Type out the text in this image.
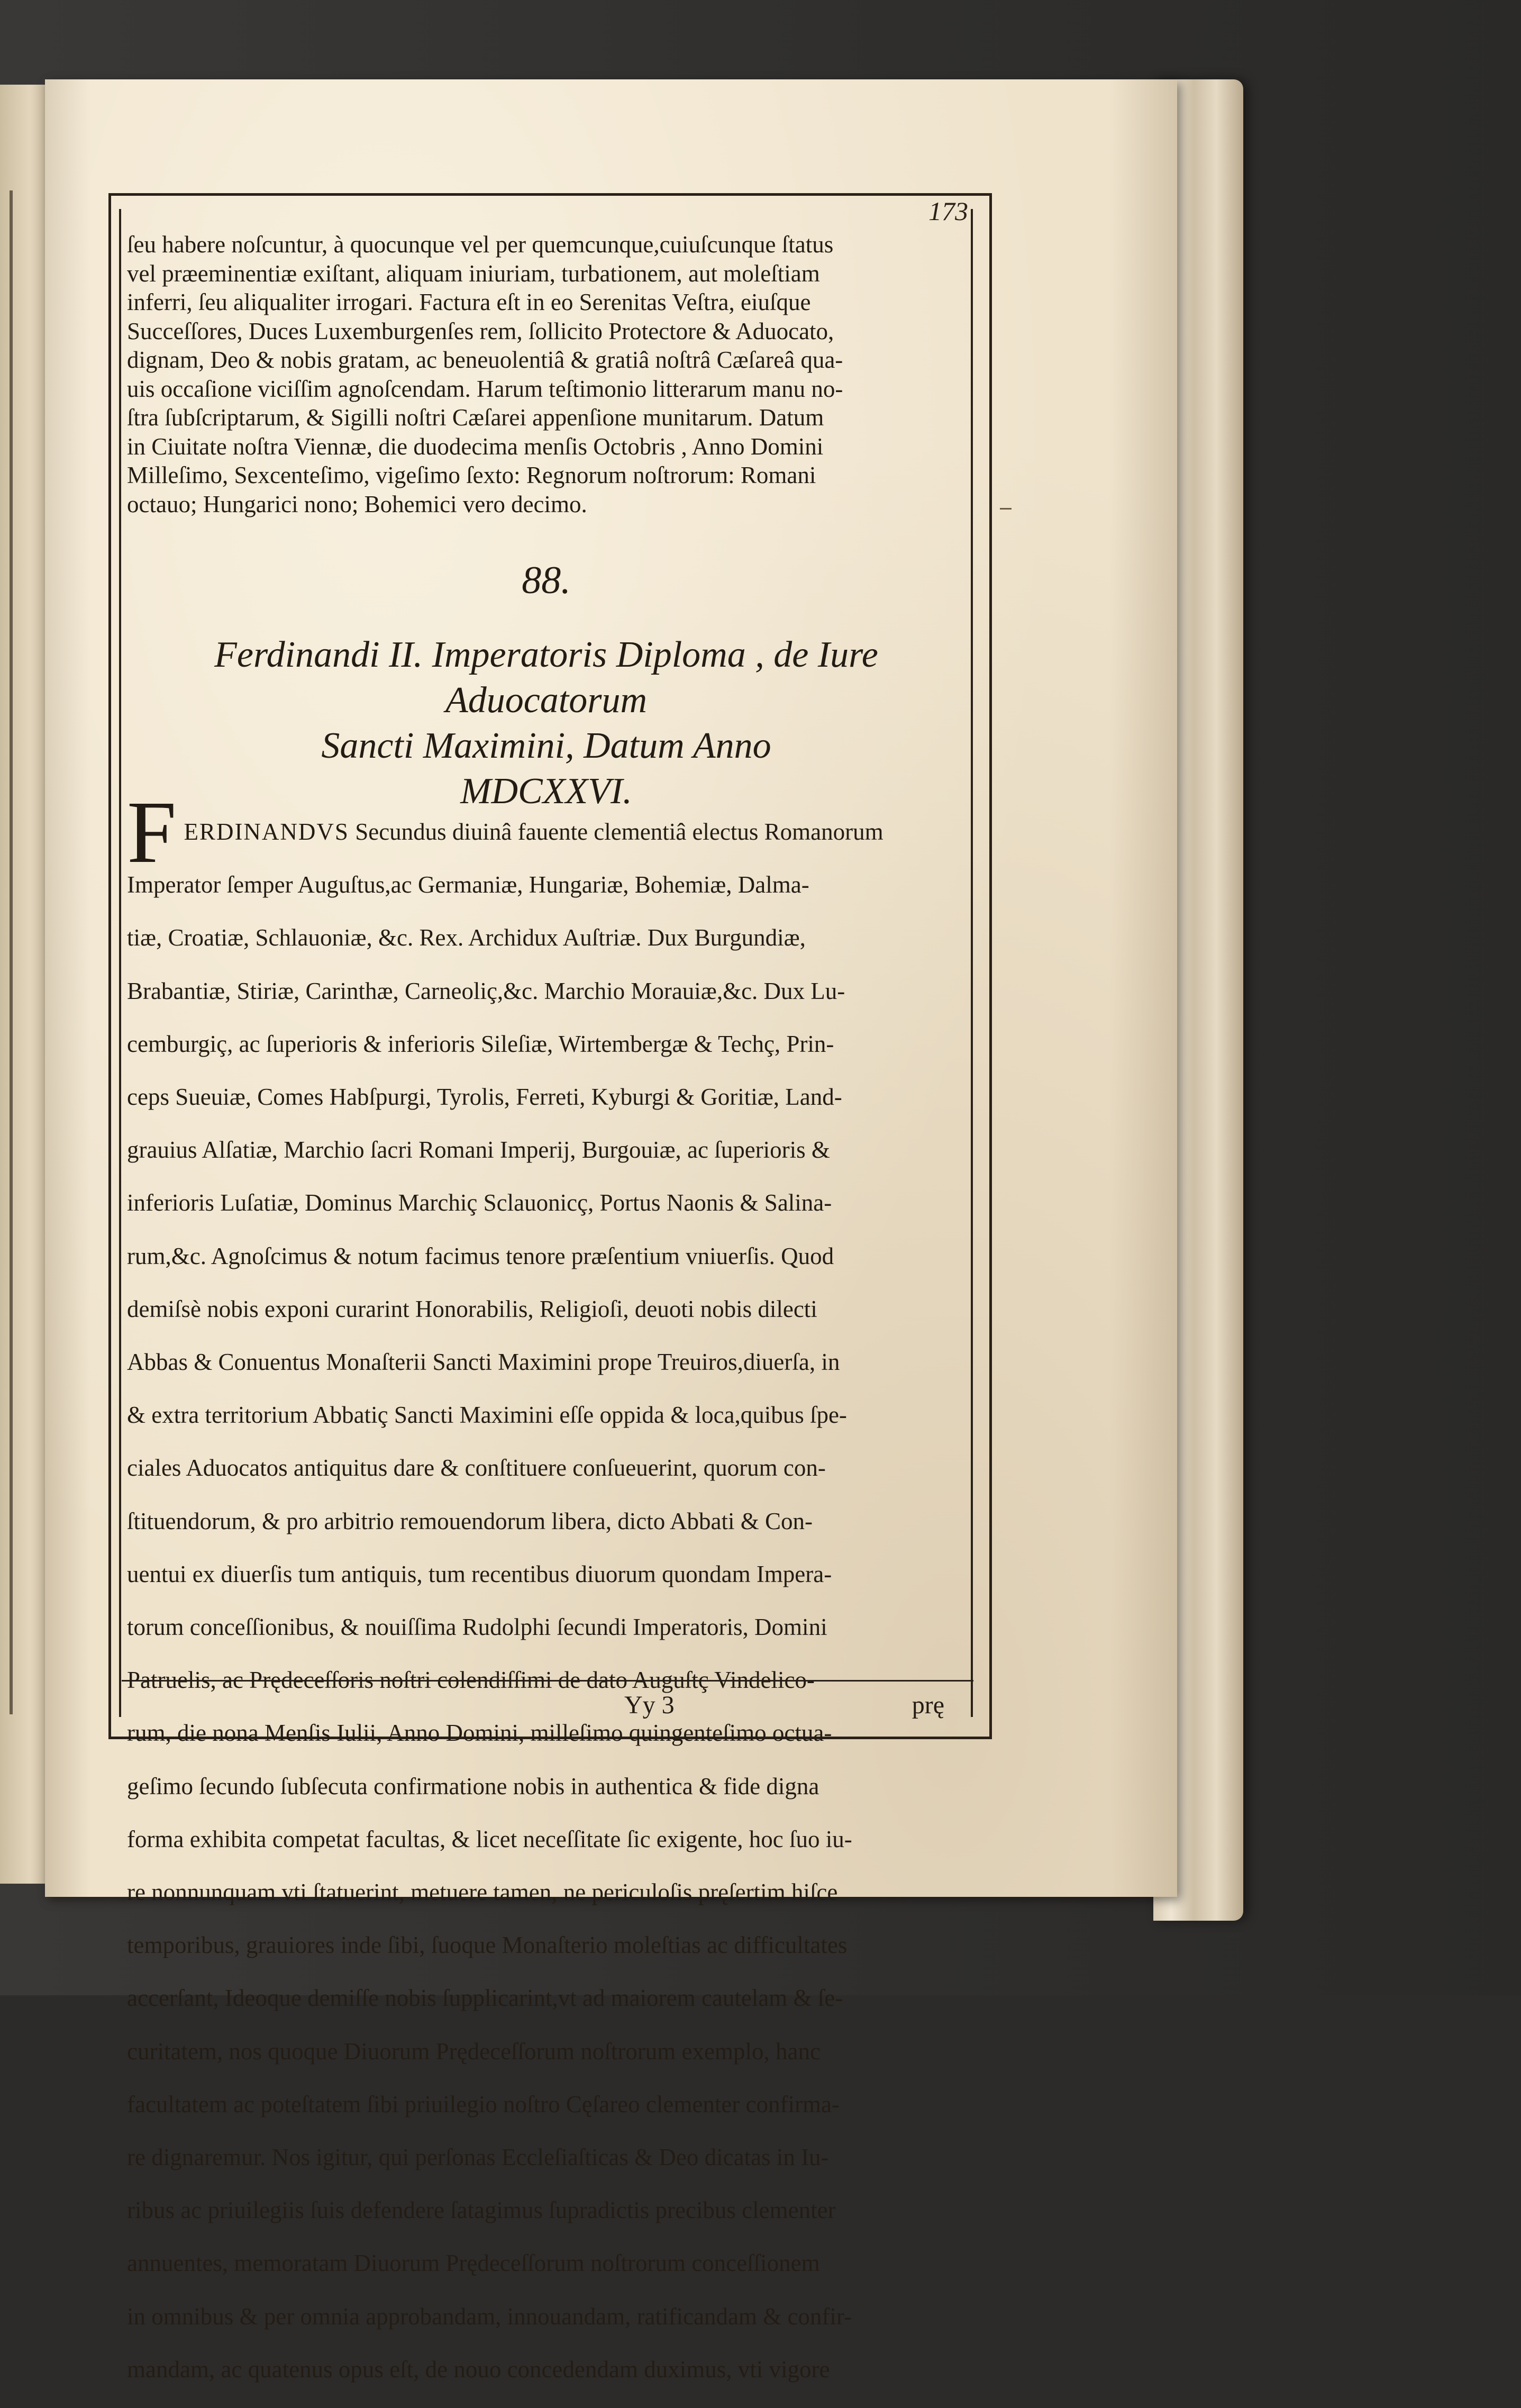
173

ſeu habere noſcuntur, à quocunque vel per quemcunque,cuiuſcunque ſtatus

vel præeminentiæ exiſtant, aliquam iniuriam, turbationem, aut moleſtiam

inferri, ſeu aliqualiter irrogari. Factura eſt in eo Serenitas Veſtra, eiuſque

Succeſſores, Duces Luxemburgenſes rem, ſollicito Protectore & Aduocato,

dignam, Deo & nobis gratam, ac beneuolentiâ & gratiâ noſtrâ Cæſareâ qua-

uis occaſione viciſſim agnoſcendam. Harum teſtimonio litterarum manu no-

ſtra ſubſcriptarum, & Sigilli noſtri Cæſarei appenſione munitarum. Datum

in Ciuitate noſtra Viennæ, die duodecima menſis Octobris , Anno Domini

Milleſimo, Sexcenteſimo, vigeſimo ſexto: Regnorum noſtrorum: Romani

octauo; Hungarici nono; Bohemici vero decimo.

88.
Ferdinandi II. Imperatoris Diploma , de Iure Aduocatorum
Sancti Maximini, Datum Anno
MDCXXVI.
F ERDINANDVS Secundus diuinâ fauente clementiâ electus Romanorum

Imperator ſemper Auguſtus,ac Germaniæ, Hungariæ, Bohemiæ, Dalma-

tiæ, Croatiæ, Schlauoniæ, &c. Rex. Archidux Auſtriæ. Dux Burgundiæ,

Brabantiæ, Stiriæ, Carinthæ, Carneoliç,&c. Marchio Morauiæ,&c. Dux Lu-

cemburgiç, ac ſuperioris & inferioris Sileſiæ, Wirtembergæ & Techç, Prin-

ceps Sueuiæ, Comes Habſpurgi, Tyrolis, Ferreti, Kyburgi & Goritiæ, Land-

grauius Alſatiæ, Marchio ſacri Romani Imperij, Burgouiæ, ac ſuperioris &

inferioris Luſatiæ, Dominus Marchiç Sclauonicç, Portus Naonis & Salina-

rum,&c. Agnoſcimus & notum facimus tenore præſentium vniuerſis. Quod

demiſsè nobis exponi curarint Honorabilis, Religioſi, deuoti nobis dilecti

Abbas & Conuentus Monaſterii Sancti Maximini prope Treuiros,diuerſa, in

& extra territorium Abbatiç Sancti Maximini eſſe oppida & loca,quibus ſpe-

ciales Aduocatos antiquitus dare & conſtituere conſueuerint, quorum con-

ſtituendorum, & pro arbitrio remouendorum libera, dicto Abbati & Con-

uentui ex diuerſis tum antiquis, tum recentibus diuorum quondam Impera-

torum conceſſionibus, & nouiſſima Rudolphi ſecundi Imperatoris, Domini

Patruelis, ac Prędeceſſoris noſtri colendiſſimi de dato Auguſtç Vindelico-

rum, die nona Menſis Iulii, Anno Domini, milleſimo quingenteſimo octua-

geſimo ſecundo ſubſecuta confirmatione nobis in authentica & fide digna

forma exhibita competat facultas, & licet neceſſitate ſic exigente, hoc ſuo iu-

re nonnunquam vti ſtatuerint, metuere tamen, ne periculoſis pręſertim hiſce

temporibus, grauiores inde ſibi, ſuoque Monaſterio moleſtias ac difficultates

accerſant, Ideoque demiſſe nobis ſupplicarint,vt ad maiorem cautelam & ſe-

curitatem, nos quoque Diuorum Prędeceſſorum noſtrorum exemplo, hanc

facultatem ac poteſtatem ſibi priuilegio noſtro Cęſareo clementer confirma-

re dignaremur. Nos igitur, qui perſonas Eccleſiaſticas & Deo dicatas in Iu-

ribus ac priuilegiis ſuis defendere ſatagimus ſupradictis precibus clementer

annuentes, memoratam Diuorum Prędeceſſorum noſtrorum conceſſionem

in omnibus & per omnia approbandam, innouandam, ratificandam & confir-

mandam, ac quatenus opus eſt, de nouo concedendam duximus, vti vigore

Yy 3	prę
